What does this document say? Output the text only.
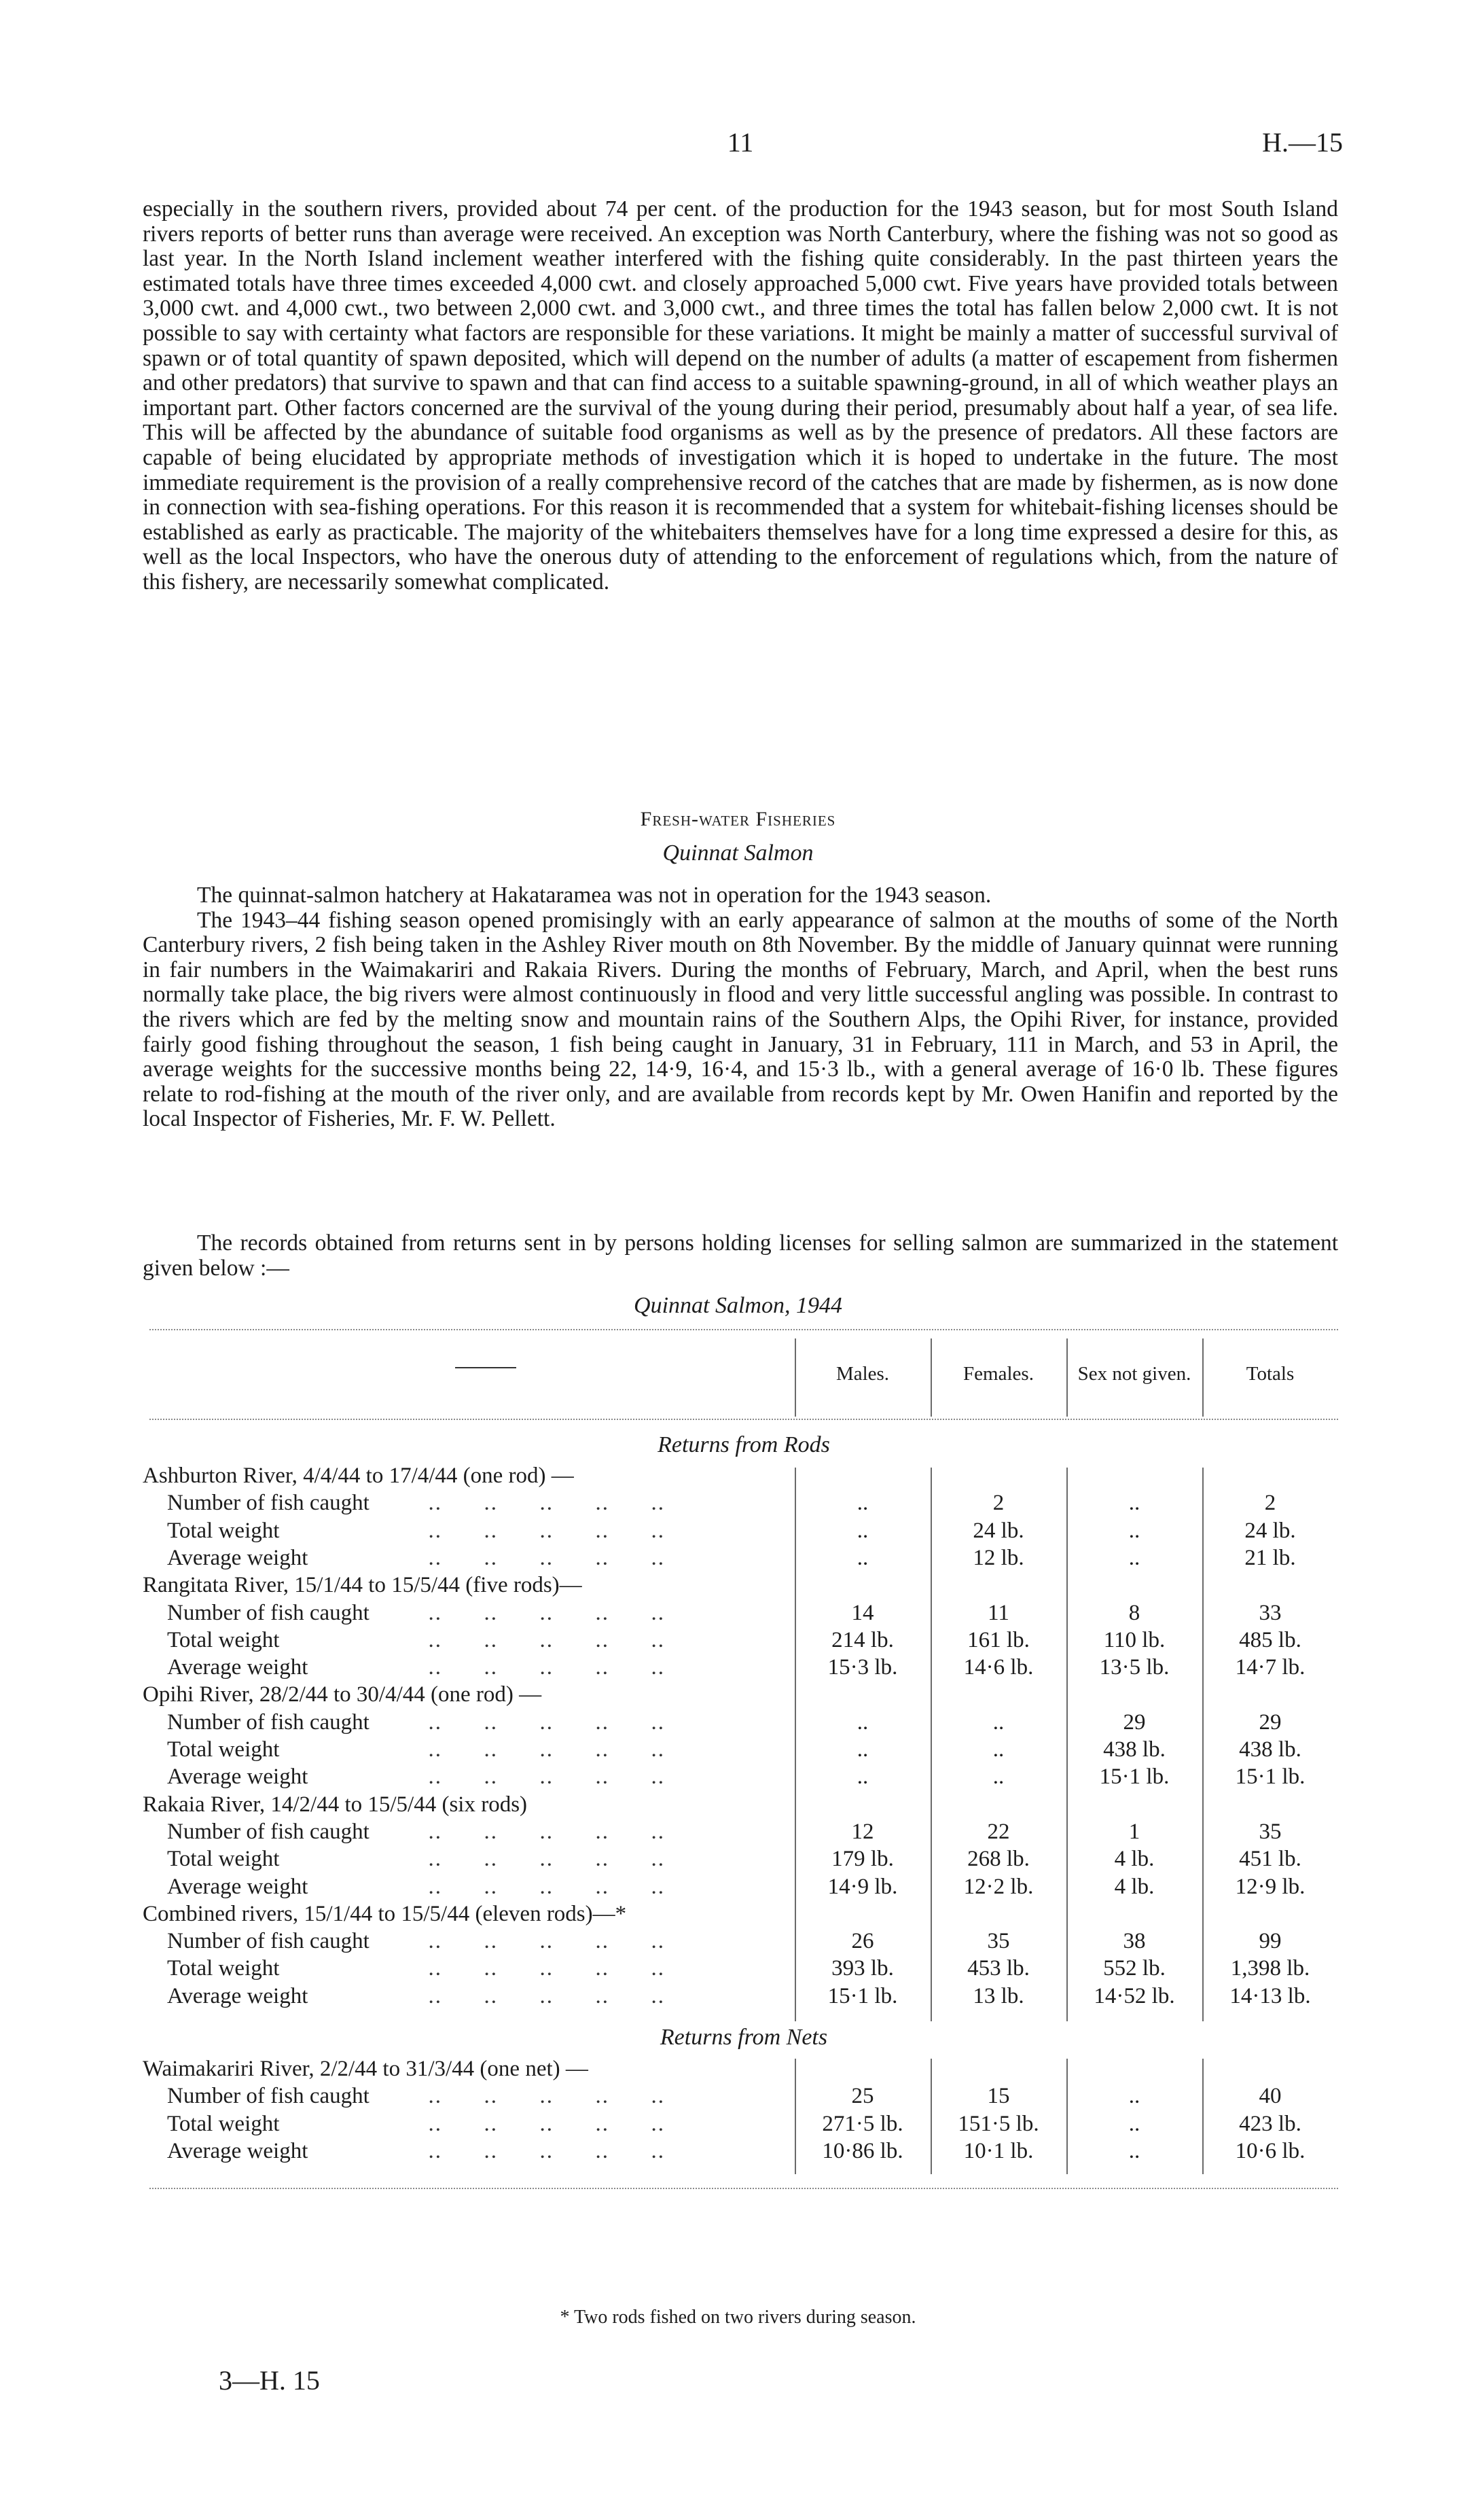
11	H.—15

especially in the southern rivers, provided about 74 per cent. of the production for the 1943 season, but for most South Island rivers reports of better runs than average were received. An exception was North Canterbury, where the fishing was not so good as last year. In the North Island inclement weather interfered with the fishing quite considerably. In the past thirteen years the estimated totals have three times exceeded 4,000 cwt. and closely approached 5,000 cwt. Five years have provided totals between 3,000 cwt. and 4,000 cwt., two between 2,000 cwt. and 3,000 cwt., and three times the total has fallen below 2,000 cwt. It is not possible to say with certainty what factors are responsible for these variations. It might be mainly a matter of successful survival of spawn or of total quantity of spawn deposited, which will depend on the number of adults (a matter of escapement from fishermen and other predators) that survive to spawn and that can find access to a suitable spawning-ground, in all of which weather plays an important part. Other factors concerned are the survival of the young during their period, presumably about half a year, of sea life. This will be affected by the abundance of suitable food organisms as well as by the presence of predators. All these factors are capable of being elucidated by appropriate methods of investigation which it is hoped to undertake in the future. The most immediate requirement is the provision of a really comprehensive record of the catches that are made by fishermen, as is now done in connection with sea-fishing operations. For this reason it is recommended that a system for whitebait-fishing licenses should be established as early as practicable. The majority of the whitebaiters themselves have for a long time expressed a desire for this, as well as the local Inspectors, who have the onerous duty of attending to the enforcement of regulations which, from the nature of this fishery, are necessarily somewhat complicated.

Fresh-water Fisheries
Quinnat Salmon

The quinnat-salmon hatchery at Hakataramea was not in operation for the 1943 season.

The 1943–44 fishing season opened promisingly with an early appearance of salmon at the mouths of some of the North Canterbury rivers, 2 fish being taken in the Ashley River mouth on 8th November. By the middle of January quinnat were running in fair numbers in the Waimakariri and Rakaia Rivers. During the months of February, March, and April, when the best runs normally take place, the big rivers were almost continuously in flood and very little successful angling was possible. In contrast to the rivers which are fed by the melting snow and mountain rains of the Southern Alps, the Opihi River, for instance, provided fairly good fishing throughout the season, 1 fish being caught in January, 31 in February, 111 in March, and 53 in April, the average weights for the successive months being 22, 14·9, 16·4, and 15·3 lb., with a general average of 16·0 lb. These figures relate to rod-fishing at the mouth of the river only, and are available from records kept by Mr. Owen Hanifin and reported by the local Inspector of Fisheries, Mr. F. W. Pellett.

The records obtained from returns sent in by persons holding licenses for selling salmon are summarized in the statement given below :—

Quinnat Salmon, 1944
Males.	Females.	Sex not given.	Totals
Returns from Rods
Returns from Nets
Ashburton River, 4/4/44 to 17/4/44 (one rod) —
Number of fish caught ..      ..      ..      ..      ..	..	2	..	2
Total weight	..      ..      ..      ..      ..	..	24 lb.	..	24 lb.
Average weight	..      ..      ..      ..      ..	..	12 lb.	..	21 lb.
Rangitata River, 15/1/44 to 15/5/44 (five rods)—
Number of fish caught ..      ..      ..      ..      ..	14	11	8	33
Total weight	..      ..      ..      ..      ..	214 lb.	161 lb.	110 lb.	485 lb.
Average weight	..      ..      ..      ..      ..	15·3 lb.	14·6 lb.	13·5 lb.	14·7 lb.
Opihi River, 28/2/44 to 30/4/44 (one rod) —
Number of fish caught ..      ..      ..      ..      ..	..	..	29	29
Total weight	..      ..      ..      ..      ..	..	..	438 lb.	438 lb.
Average weight	..      ..      ..      ..      ..	..	..	15·1 lb.	15·1 lb.
Rakaia River, 14/2/44 to 15/5/44 (six rods)
Number of fish caught ..      ..      ..      ..      ..	12	22	1	35
Total weight	..      ..      ..      ..      ..	179 lb.	268 lb.	4 lb.	451 lb.
Average weight	..      ..      ..      ..      ..	14·9 lb.	12·2 lb.	4 lb.	12·9 lb.
Combined rivers, 15/1/44 to 15/5/44 (eleven rods)—*
Number of fish caught ..      ..      ..      ..      ..	26	35	38	99
Total weight	..      ..      ..      ..      ..	393 lb.	453 lb.	552 lb.	1,398 lb.
Average weight	..      ..      ..      ..      ..	15·1 lb.	13 lb.	14·52 lb.	14·13 lb.
Waimakariri River, 2/2/44 to 31/3/44 (one net) —
Number of fish caught ..      ..      ..      ..      ..	25	15	..	40
Total weight	..      ..      ..      ..      ..	271·5 lb.	151·5 lb.	..	423 lb.
Average weight	..      ..      ..      ..      ..	10·86 lb.	10·1 lb.	..	10·6 lb.
* Two rods fished on two rivers during season.
3—H. 15
